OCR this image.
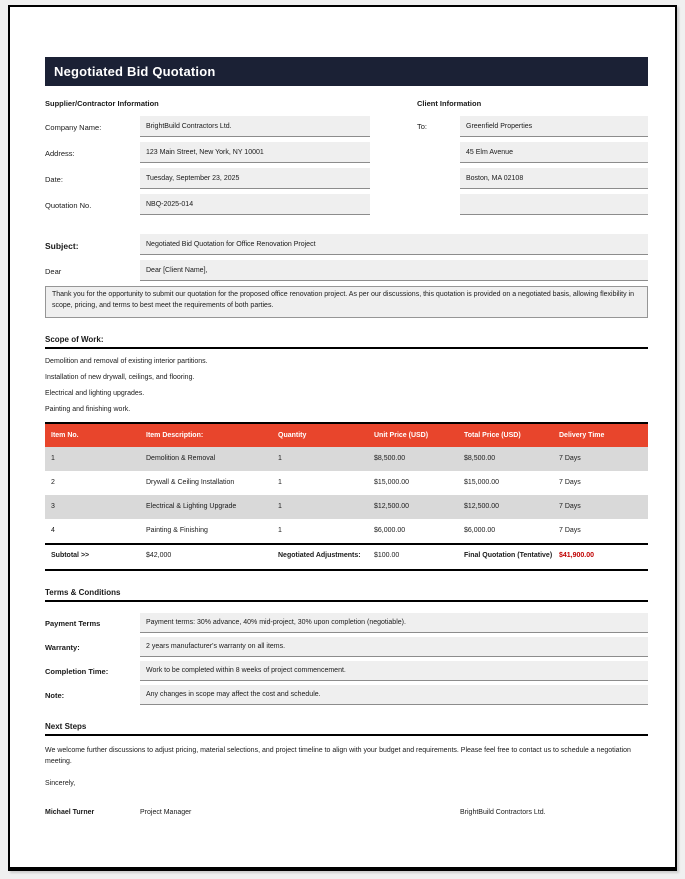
Negotiated Bid Quotation
Supplier/Contractor Information	Client Information
Company Name:	BrightBuild Contractors Ltd.	To:	Greenfield Properties
Address:	123 Main Street, New York, NY 10001	45 Elm Avenue
Date:	Tuesday, September 23, 2025	Boston, MA 02108
Quotation No.	NBQ-2025-014
Subject:	Negotiated Bid Quotation for Office Renovation Project
Dear	Dear [Client Name],
Thank you for the opportunity to submit our quotation for the proposed office renovation project. As per our discussions, this quotation is provided on a negotiated basis, allowing flexibility in scope, pricing, and terms to best meet the requirements of both parties.
Scope of Work:
Demolition and removal of existing interior partitions.
Installation of new drywall, ceilings, and flooring.
Electrical and lighting upgrades.
Painting and finishing work.
Item No.	Item Description:	Quantity	Unit Price (USD)	Total Price (USD)	Delivery Time
1	Demolition & Removal	1	$8,500.00	$8,500.00	7 Days
2	Drywall & Ceiling Installation	1	$15,000.00	$15,000.00	7 Days
3	Electrical & Lighting Upgrade	1	$12,500.00	$12,500.00	7 Days
4	Painting & Finishing	1	$6,000.00	$6,000.00	7 Days
Subtotal >>	$42,000	Negotiated Adjustments:	$100.00	Final Quotation (Tentative) $41,900.00
Terms & Conditions
Payment Terms	Payment terms: 30% advance, 40% mid-project, 30% upon completion (negotiable).
Warranty:	2 years manufacturer's warranty on all items.
Completion Time:	Work to be completed within 8 weeks of project commencement.
Note:	Any changes in scope may affect the cost and schedule.
Next Steps
We welcome further discussions to adjust pricing, material selections, and project timeline to align with your budget and requirements. Please feel free to contact us to schedule a negotiation meeting.
Sincerely,
Michael Turner	Project Manager	BrightBuild Contractors Ltd.
